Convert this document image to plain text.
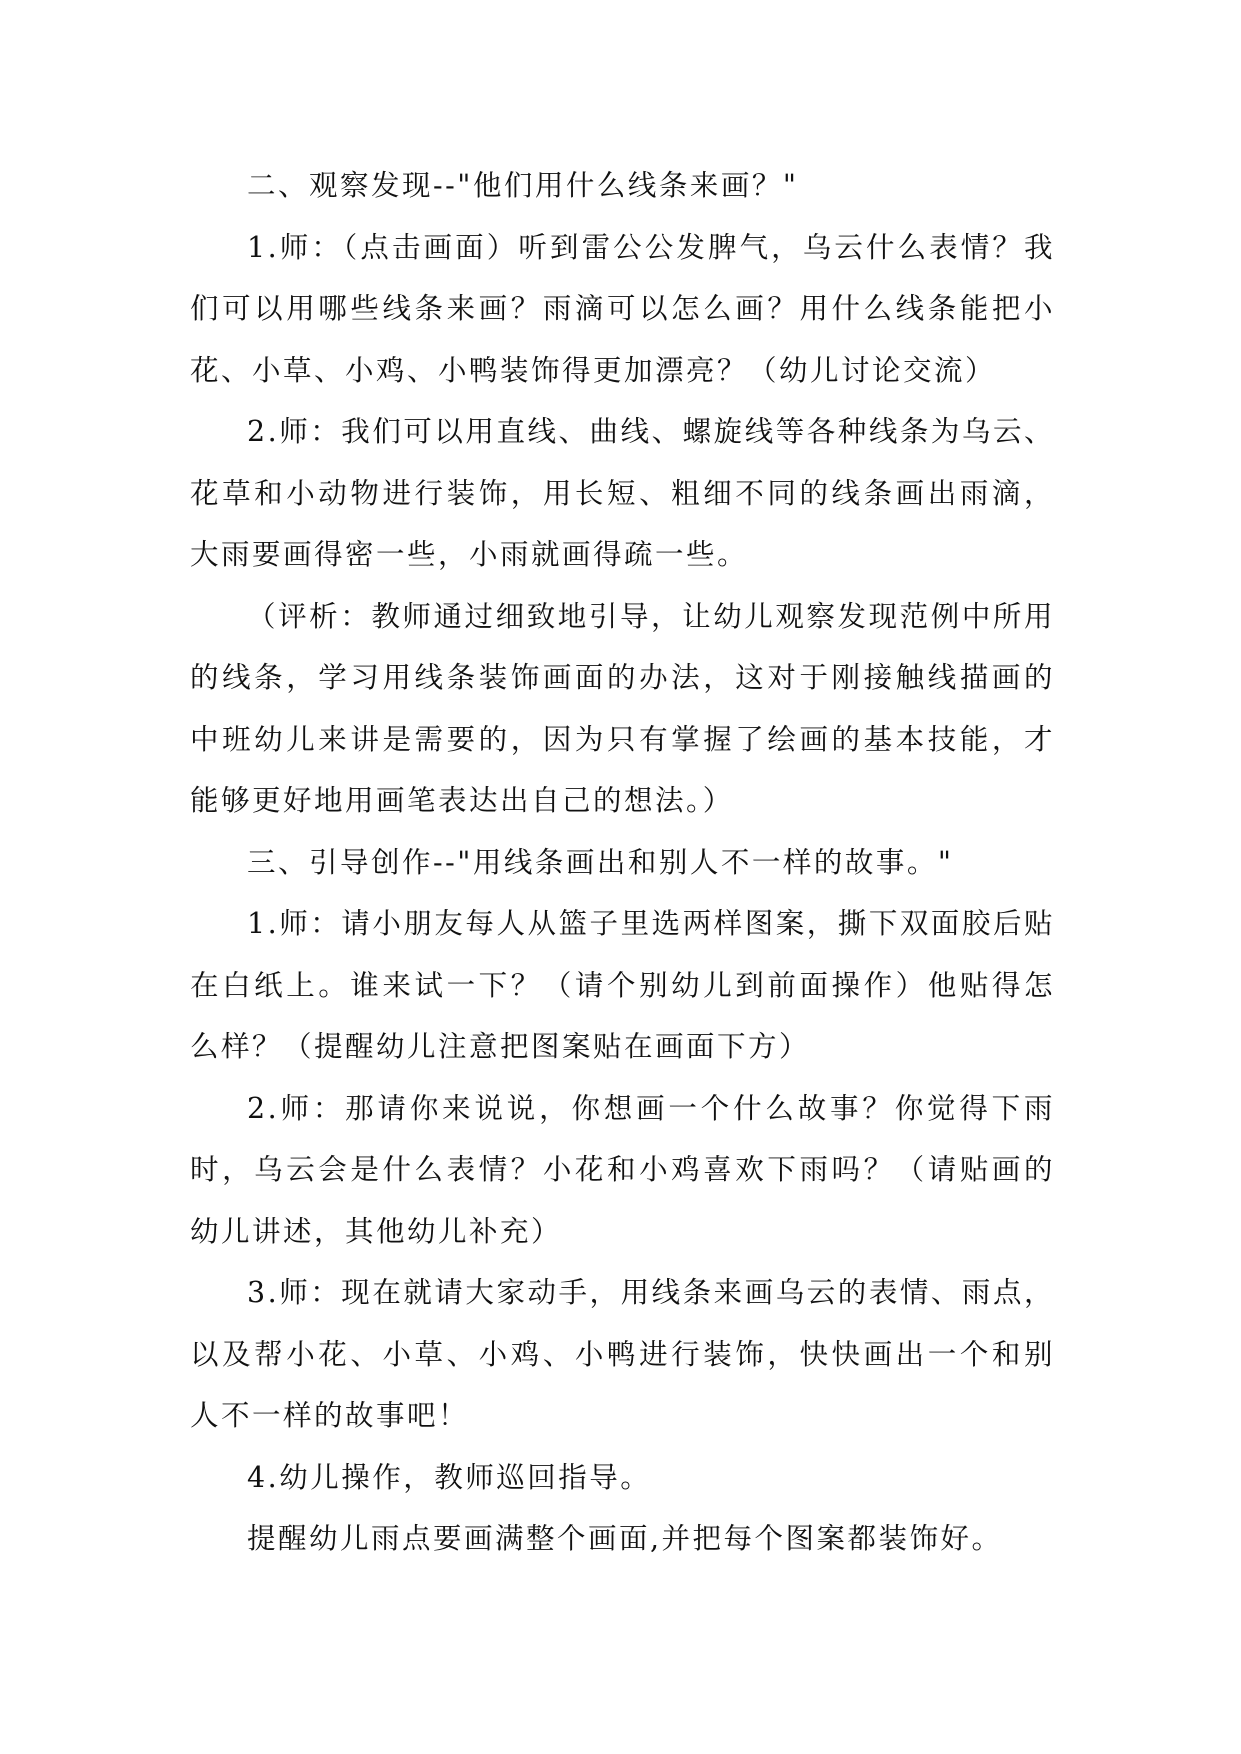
二、观察发现--"他们用什么线条来画？"

1.师：（点击画面）听到雷公公发脾气，乌云什么表情？我们可以用哪些线条来画？雨滴可以怎么画？用什么线条能把小花、小草、小鸡、小鸭装饰得更加漂亮？（幼儿讨论交流）

2.师：我们可以用直线、曲线、螺旋线等各种线条为乌云、花草和小动物进行装饰，用长短、粗细不同的线条画出雨滴，大雨要画得密一些，小雨就画得疏一些。

（评析：教师通过细致地引导，让幼儿观察发现范例中所用的线条，学习用线条装饰画面的办法，这对于刚接触线描画的中班幼儿来讲是需要的，因为只有掌握了绘画的基本技能，才能够更好地用画笔表达出自己的想法。）

三、引导创作--"用线条画出和别人不一样的故事。"

1.师：请小朋友每人从篮子里选两样图案，撕下双面胶后贴在白纸上。谁来试一下？（请个别幼儿到前面操作）他贴得怎么样？（提醒幼儿注意把图案贴在画面下方）

2.师：那请你来说说，你想画一个什么故事？你觉得下雨时，乌云会是什么表情？小花和小鸡喜欢下雨吗？（请贴画的幼儿讲述，其他幼儿补充）

3.师：现在就请大家动手，用线条来画乌云的表情、雨点，以及帮小花、小草、小鸡、小鸭进行装饰，快快画出一个和别人不一样的故事吧！

4.幼儿操作，教师巡回指导。

提醒幼儿雨点要画满整个画面,并把每个图案都装饰好。
